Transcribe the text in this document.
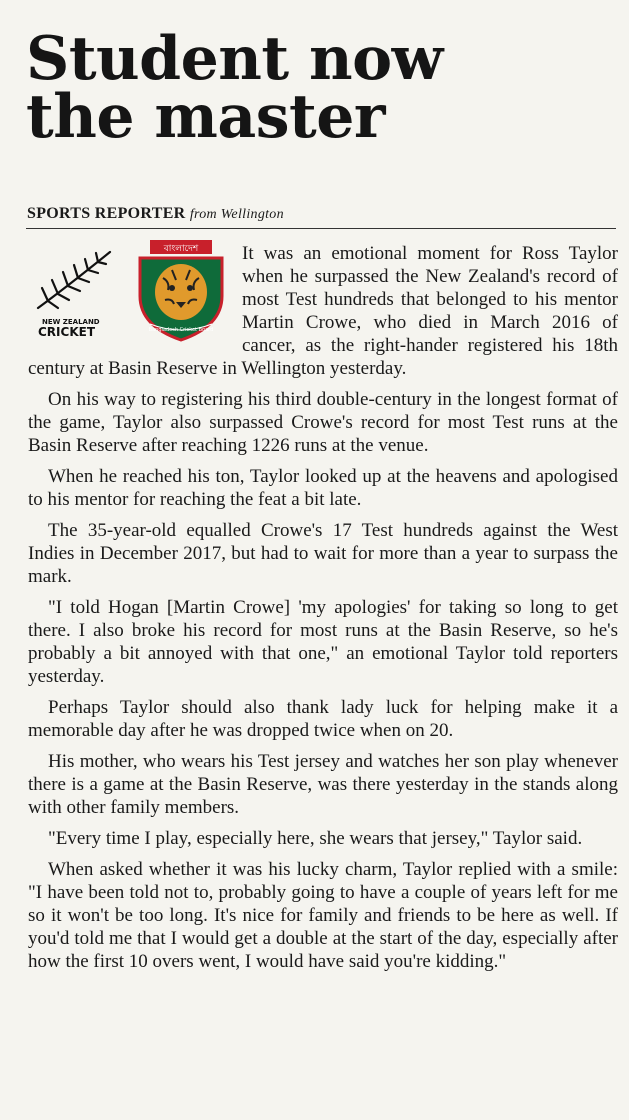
Student now
the master
SPORTS REPORTER from Wellington
NEW ZEALAND
CRICKET
বাংলাদেশ
Bangladesh Cricket Board

It was an emotional moment for Ross Taylor when he surpassed the New Zealand's record of most Test hundreds that belonged to his mentor Martin Crowe, who died in March 2016 of cancer, as the right-hander registered his 18th century at Basin Reserve in Wellington yesterday.

On his way to registering his third double-century in the longest format of the game, Taylor also surpassed Crowe's record for most Test runs at the Basin Reserve after reaching 1226 runs at the venue.

When he reached his ton, Taylor looked up at the heavens and apologised to his mentor for reaching the feat a bit late.

The 35-year-old equalled Crowe's 17 Test hundreds against the West Indies in December 2017, but had to wait for more than a year to surpass the mark.

"I told Hogan [Martin Crowe] 'my apologies' for taking so long to get there. I also broke his record for most runs at the Basin Reserve, so he's probably a bit annoyed with that one," an emotional Taylor told reporters yesterday.

Perhaps Taylor should also thank lady luck for helping make it a memorable day after he was dropped twice when on 20.

His mother, who wears his Test jersey and watches her son play whenever there is a game at the Basin Reserve, was there yesterday in the stands along with other family members.

"Every time I play, especially here, she wears that jersey," Taylor said.

When asked whether it was his lucky charm, Taylor replied with a smile: "I have been told not to, probably going to have a couple of years left for me so it won't be too long. It's nice for family and friends to be here as well. If you'd told me that I would get a double at the start of the day, especially after how the first 10 overs went, I would have said you're kidding."
